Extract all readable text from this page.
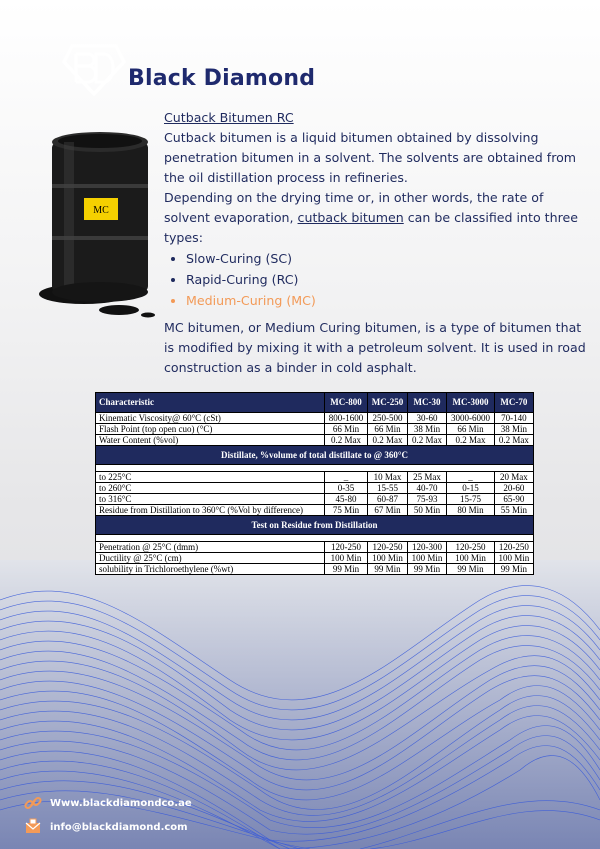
Black Diamond
MC

Cutback Bitumen RC

Cutback bitumen is a liquid bitumen obtained by dissolving penetration bitumen in a solvent. The solvents are obtained from the oil distillation process in refineries.

Depending on the drying time or, in other words, the rate of solvent evaporation, cutback bitumen can be classified into three types:

• Slow-Curing (SC)
• Rapid-Curing (RC)
• Medium-Curing (MC)
MC bitumen, or Medium Curing bitumen, is a type of bitumen that is modified by mixing it with a petroleum solvent. It is used in road construction as a binder in cold asphalt.
Characteristic	MC-800	MC-250	MC-30	MC-3000	MC-70
Kinematic Viscosity@ 60°C (cSt)	800-1600	250-500	30-60	3000-6000	70-140
Flash Point (top open cuo) (°C)	66 Min	66 Min	38 Min	66 Min	38 Min
Water Content (%vol)	0.2 Max	0.2 Max	0.2 Max	0.2 Max	0.2 Max
Distillate, %volume of total distillate to @ 360°C					

to 225°C	_	10 Max	25 Max	_	20 Max
to 260°C	0-35	15-55	40-70	0-15	20-60
to 316°C	45-80	60-87	75-93	15-75	65-90
Residue from Distillation to 360°C (%Vol by difference)	75 Min	67 Min	50 Min	80 Min	55 Min
Test on Residue from Distillation					

Penetration @ 25°C (dmm)	120-250	120-250	120-300	120-250	120-250
Ductility @ 25°C (cm)	100 Min	100 Min	100 Min	100 Min	100 Min
solubility in Trichloroethylene (%wt)	99 Min	99 Min	99 Min	99 Min	99 Min
Www.blackdiamondco.ae
info@blackdiamond.com
